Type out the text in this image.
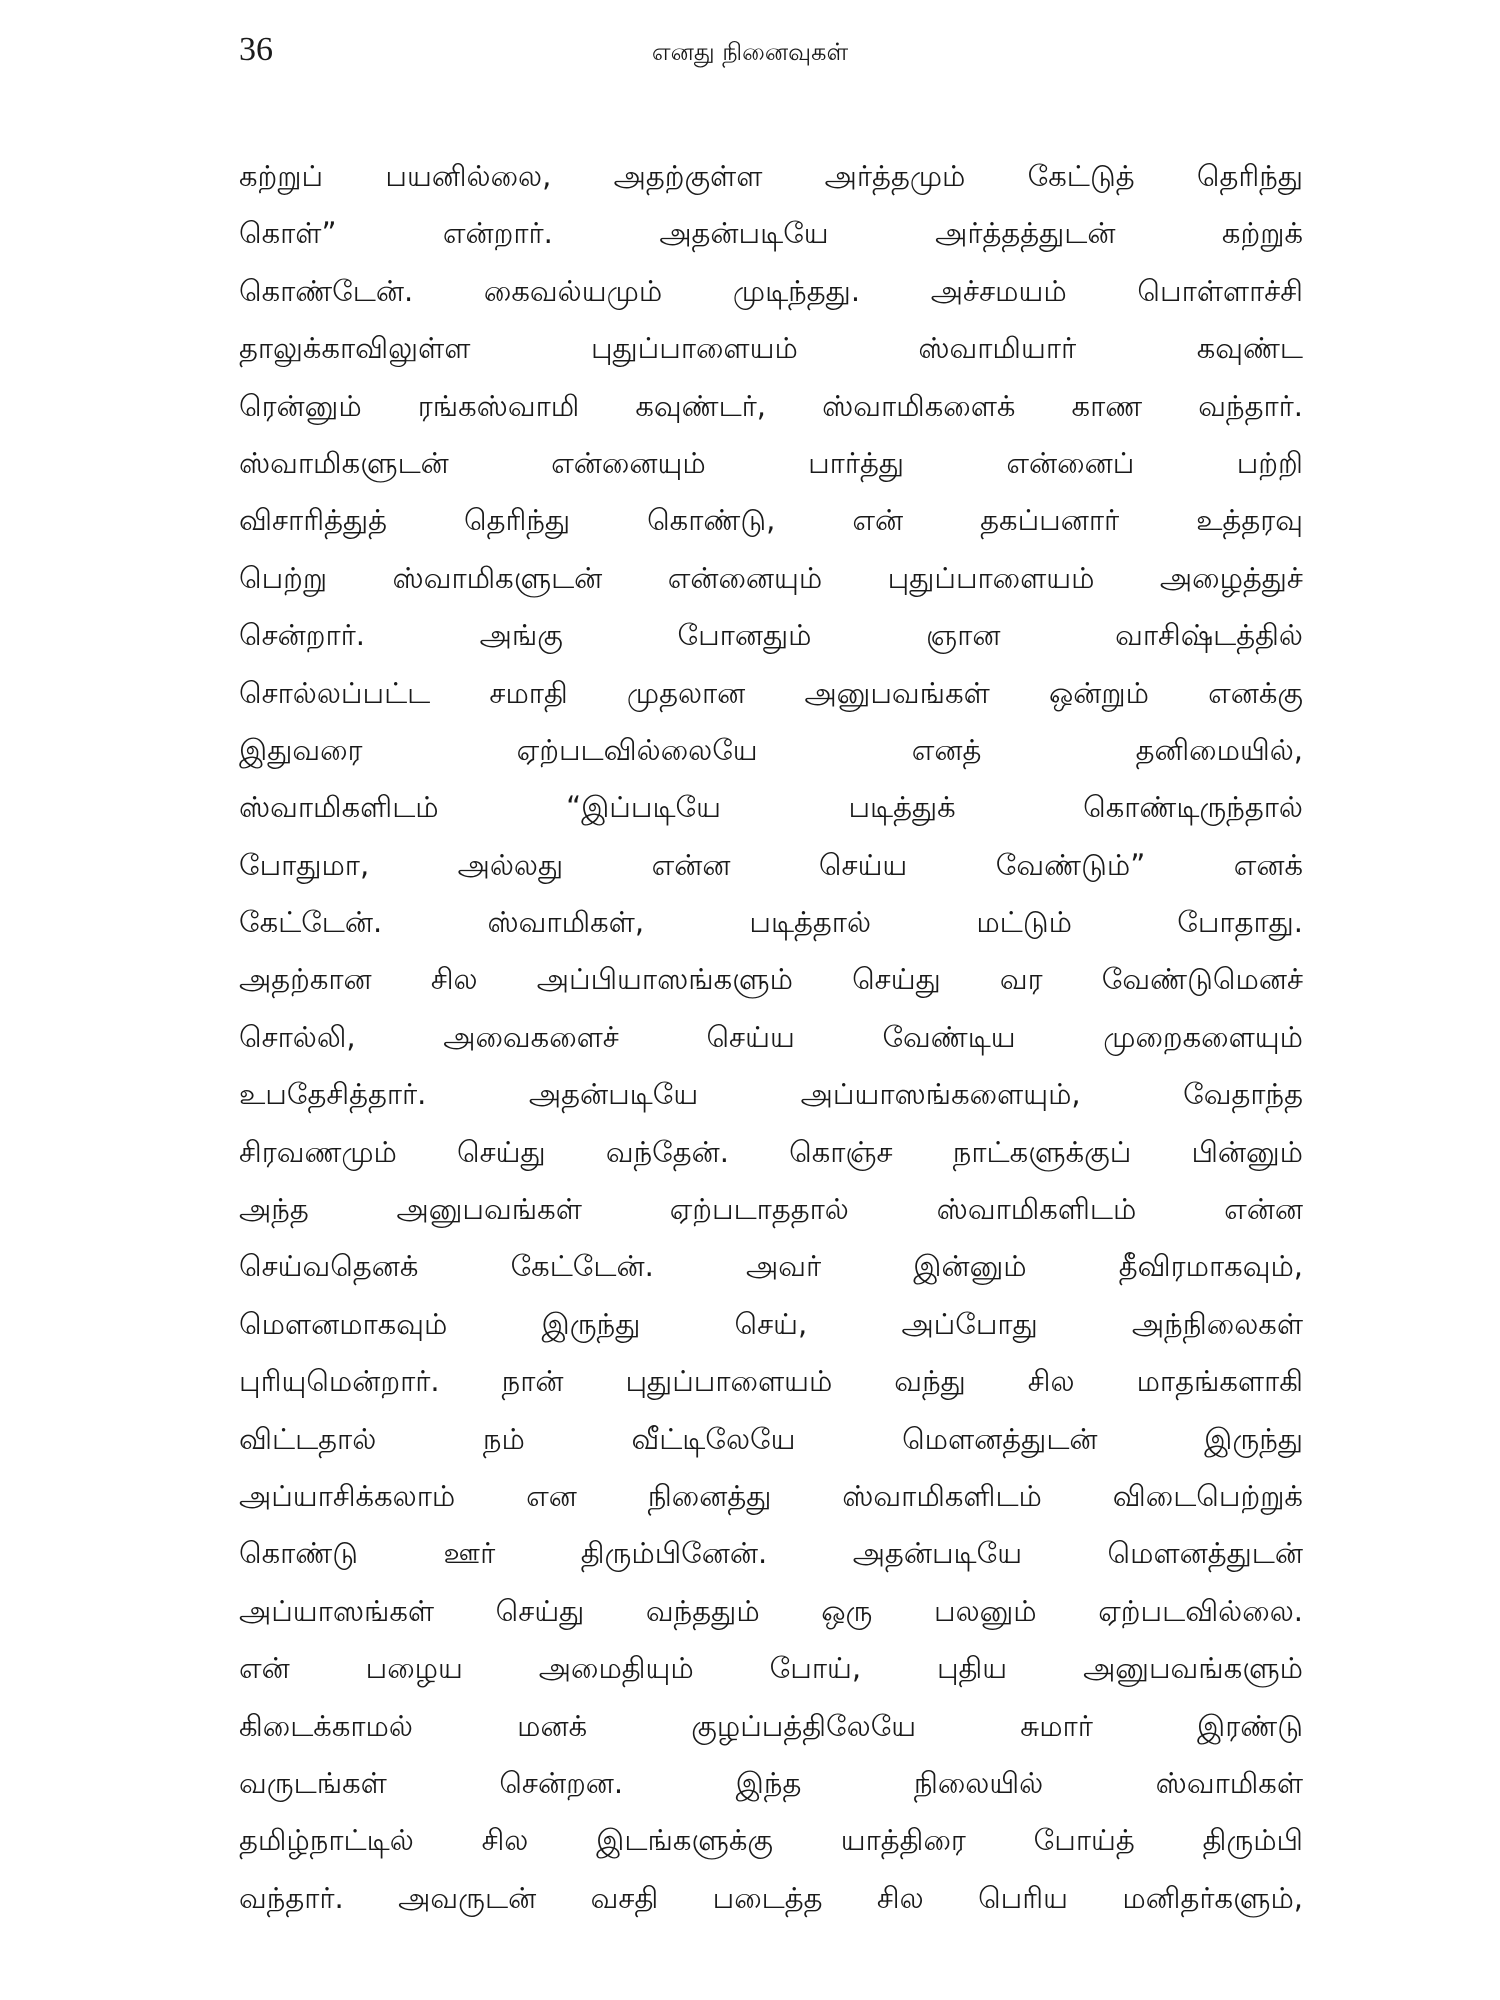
36	எனது நினைவுகள்
கற்றுப் பயனில்லை, அதற்குள்ள அர்த்தமும் கேட்டுத் தெரிந்து
கொள்” என்றார். அதன்படியே அர்த்தத்துடன் கற்றுக்
கொண்டேன். கைவல்யமும் முடிந்தது. அச்சமயம் பொள்ளாச்சி
தாலுக்காவிலுள்ள புதுப்பாளையம் ஸ்வாமியார் கவுண்ட
ரென்னும் ரங்கஸ்வாமி கவுண்டர், ஸ்வாமிகளைக் காண வந்தார்.
ஸ்வாமிகளுடன் என்னையும் பார்த்து என்னைப் பற்றி
விசாரித்துத் தெரிந்து கொண்டு, என் தகப்பனார் உத்தரவு
பெற்று ஸ்வாமிகளுடன் என்னையும் புதுப்பாளையம் அழைத்துச்
சென்றார். அங்கு போனதும் ஞான வாசிஷ்டத்தில்
சொல்லப்பட்ட சமாதி முதலான அனுபவங்கள் ஒன்றும் எனக்கு
இதுவரை ஏற்படவில்லையே எனத் தனிமையில்,
ஸ்வாமிகளிடம் “இப்படியே படித்துக் கொண்டிருந்தால்
போதுமா, அல்லது என்ன செய்ய வேண்டும்” எனக்
கேட்டேன். ஸ்வாமிகள், படித்தால் மட்டும் போதாது.
அதற்கான சில அப்பியாஸங்களும் செய்து வர வேண்டுமெனச்
சொல்லி, அவைகளைச் செய்ய வேண்டிய முறைகளையும்
உபதேசித்தார். அதன்படியே அப்யாஸங்களையும், வேதாந்த
சிரவணமும் செய்து வந்தேன். கொஞ்ச நாட்களுக்குப் பின்னும்
அந்த அனுபவங்கள் ஏற்படாததால் ஸ்வாமிகளிடம் என்ன
செய்வதெனக் கேட்டேன். அவர் இன்னும் தீவிரமாகவும்,
மௌனமாகவும் இருந்து செய், அப்போது அந்நிலைகள்
புரியுமென்றார். நான் புதுப்பாளையம் வந்து சில மாதங்களாகி
விட்டதால் நம் வீட்டிலேயே மௌனத்துடன் இருந்து
அப்யாசிக்கலாம் என நினைத்து ஸ்வாமிகளிடம் விடைபெற்றுக்
கொண்டு ஊர் திரும்பினேன். அதன்படியே மௌனத்துடன்
அப்யாஸங்கள் செய்து வந்ததும் ஒரு பலனும் ஏற்படவில்லை.
என் பழைய அமைதியும் போய், புதிய அனுபவங்களும்
கிடைக்காமல் மனக் குழப்பத்திலேயே சுமார் இரண்டு
வருடங்கள் சென்றன. இந்த நிலையில் ஸ்வாமிகள்
தமிழ்நாட்டில் சில இடங்களுக்கு யாத்திரை போய்த் திரும்பி
வந்தார். அவருடன் வசதி படைத்த சில பெரிய மனிதர்களும்,
